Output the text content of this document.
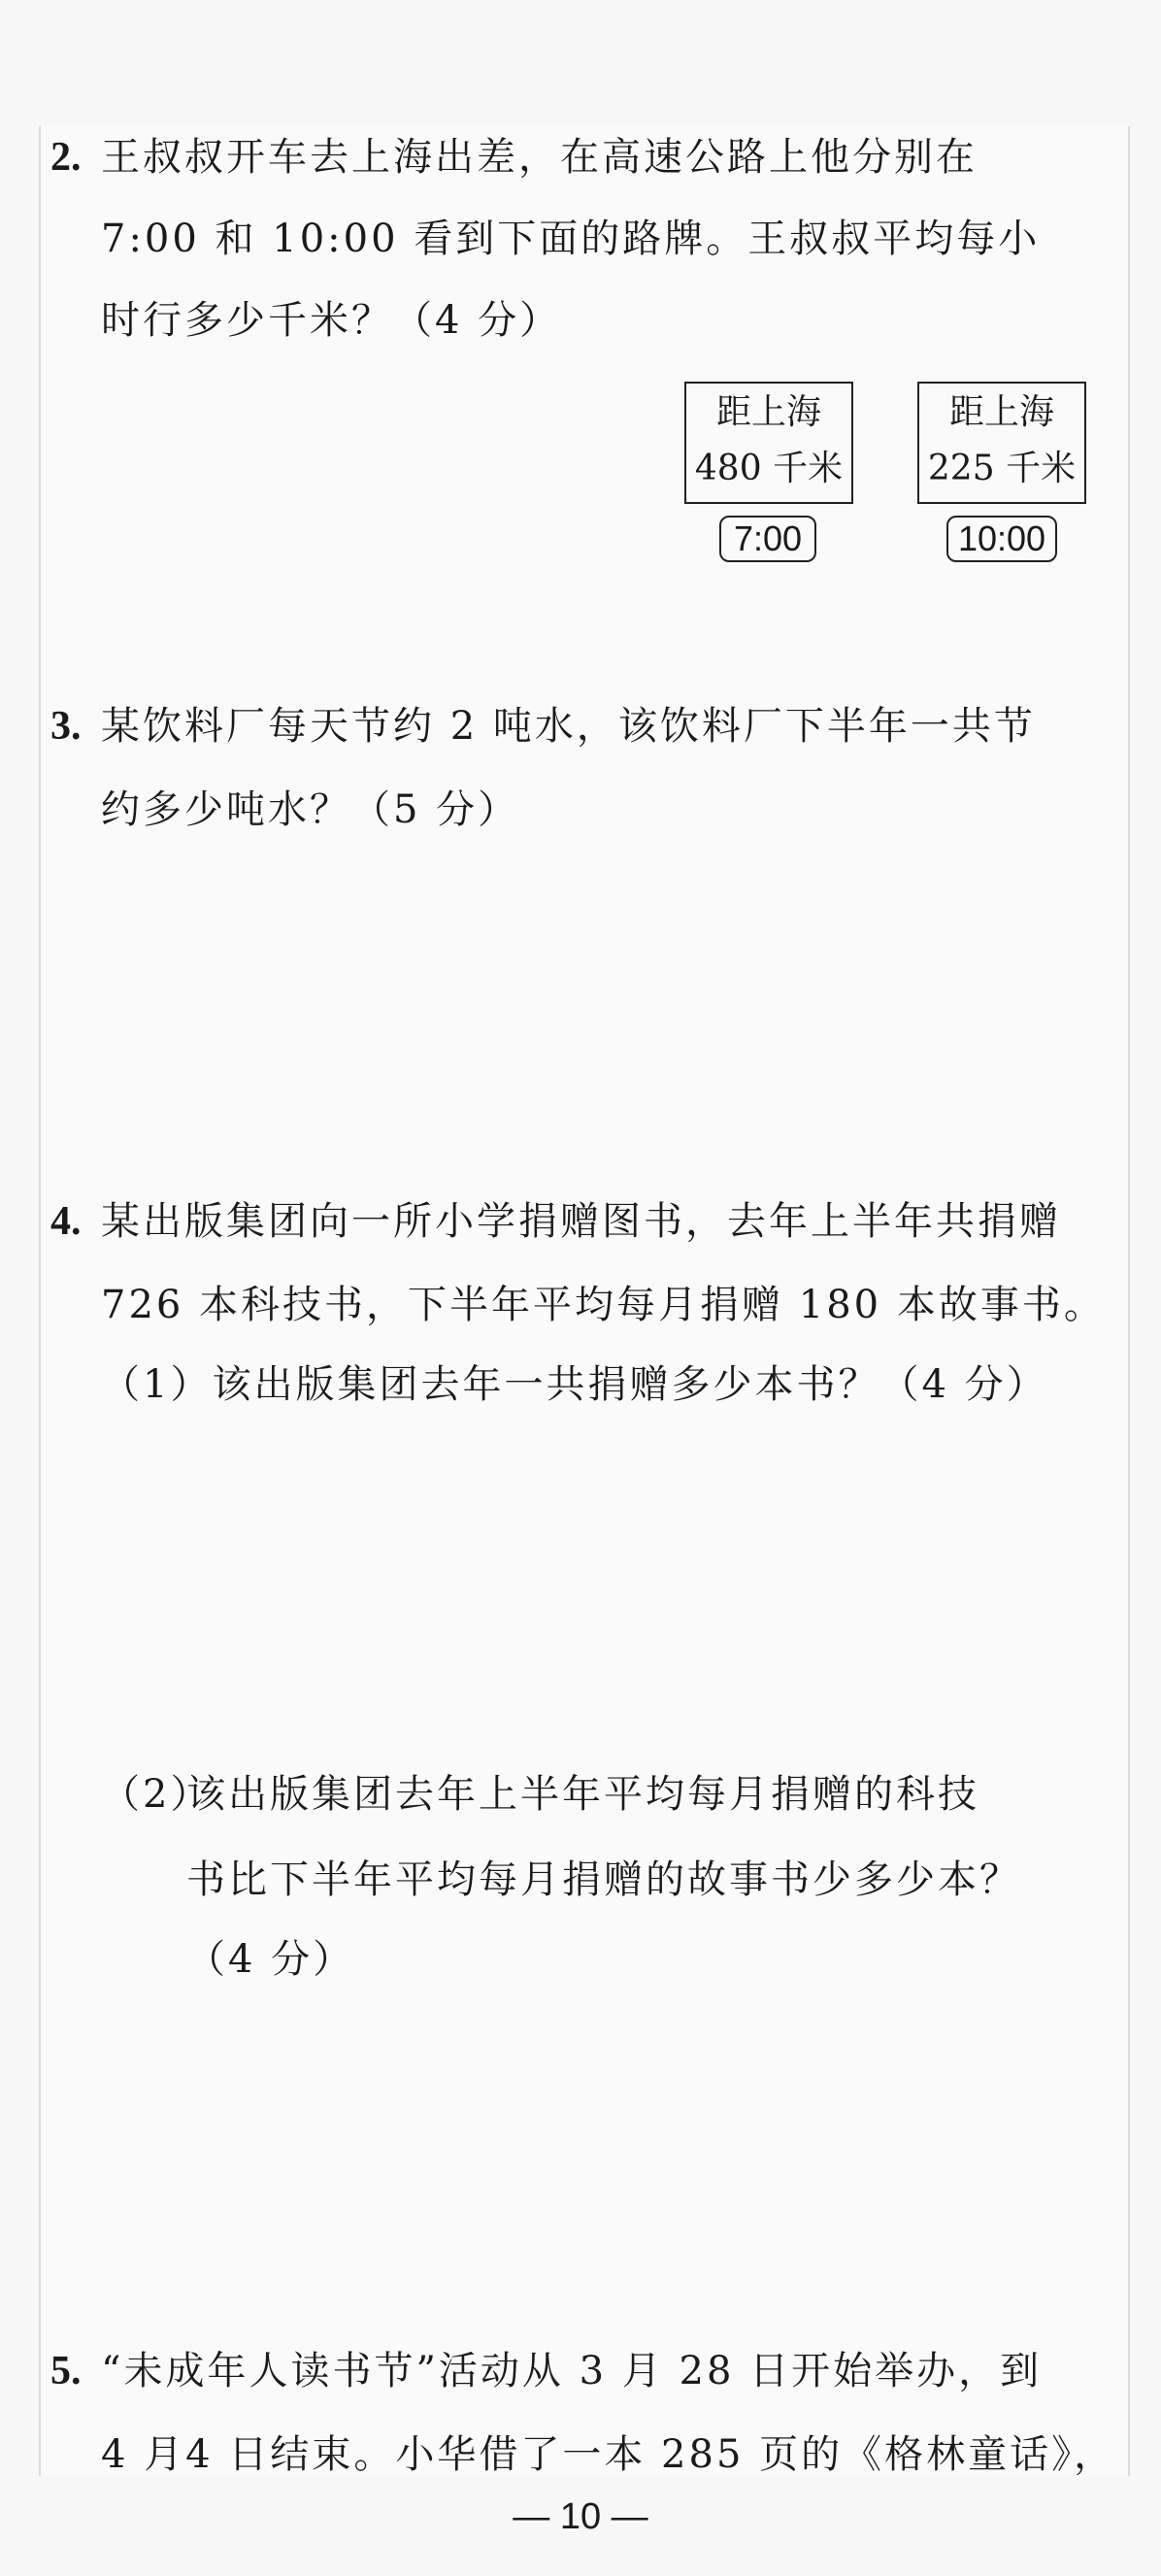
2. 王叔叔开车去上海出差，在高速公路上他分别在
7:00 和 10:00 看到下面的路牌。王叔叔平均每小
时行多少千米？（4 分）
距上海
480 千米
7:00
距上海
225 千米
10:00
3. 某饮料厂每天节约 2 吨水，该饮料厂下半年一共节
约多少吨水？（5 分）
4. 某出版集团向一所小学捐赠图书，去年上半年共捐赠
726 本科技书，下半年平均每月捐赠 180 本故事书。
（1）该出版集团去年一共捐赠多少本书？（4 分）
（2）
该出版集团去年上半年平均每月捐赠的科技
书比下半年平均每月捐赠的故事书少多少本？
（4 分）
5. “未成年人读书节”活动从 3 月 28 日开始举办，到
4 月4 日结束。小华借了一本 285 页的《格林童话》，
— 10 —
